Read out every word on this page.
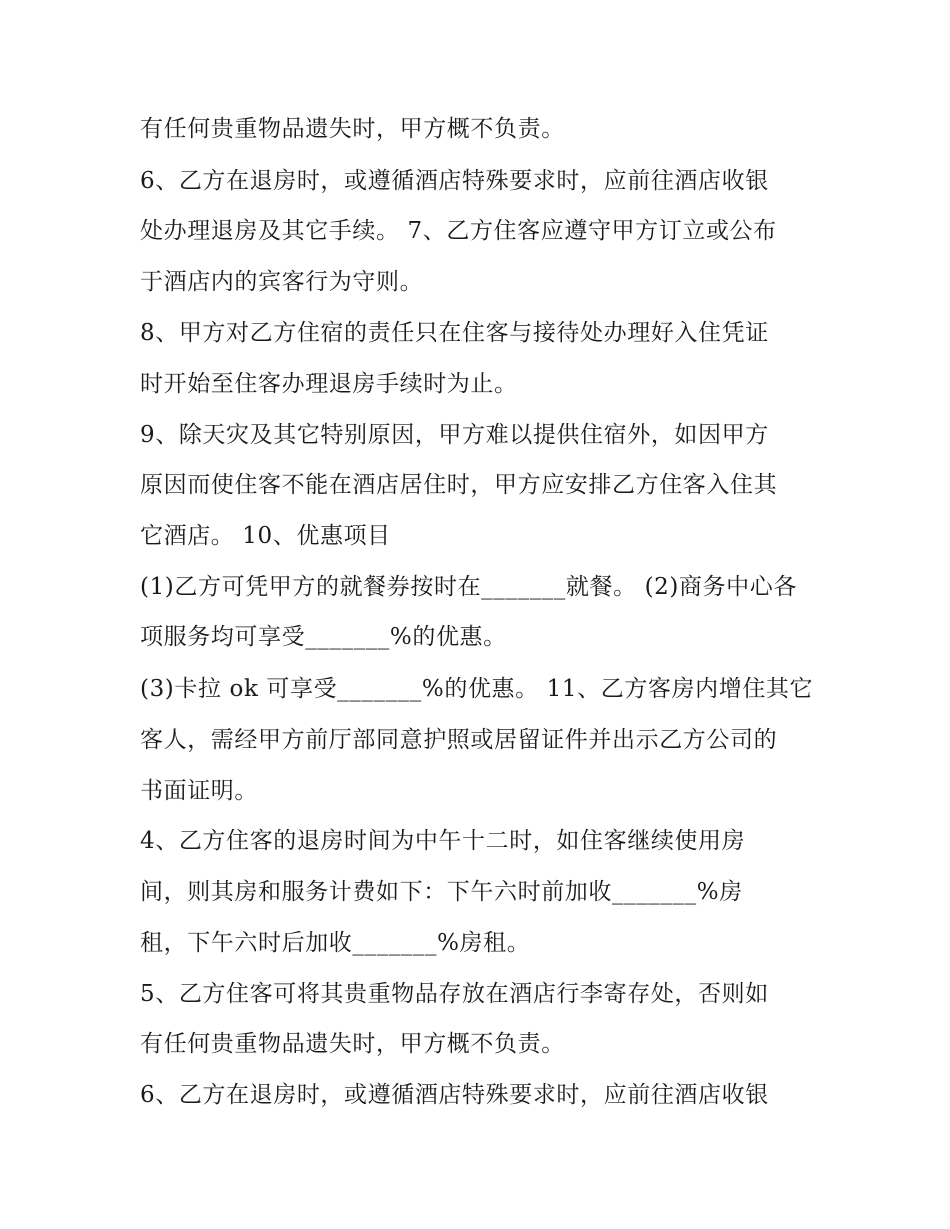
有任何贵重物品遗失时，甲方概不负责。
6、乙方在退房时，或遵循酒店特殊要求时，应前往酒店收银
处办理退房及其它手续。 7、乙方住客应遵守甲方订立或公布
于酒店内的宾客行为守则。
8、甲方对乙方住宿的责任只在住客与接待处办理好入住凭证
时开始至住客办理退房手续时为止。
9、除天灾及其它特别原因，甲方难以提供住宿外，如因甲方
原因而使住客不能在酒店居住时，甲方应安排乙方住客入住其
它酒店。 10、优惠项目
(1)乙方可凭甲方的就餐券按时在_______就餐。 (2)商务中心各
项服务均可享受_______%的优惠。
(3)卡拉 ok 可享受_______%的优惠。 11、乙方客房内增住其它
客人，需经甲方前厅部同意护照或居留证件并出示乙方公司的
书面证明。
4、乙方住客的退房时间为中午十二时，如住客继续使用房
间，则其房和服务计费如下：下午六时前加收_______%房
租，下午六时后加收_______%房租。
5、乙方住客可将其贵重物品存放在酒店行李寄存处，否则如
有任何贵重物品遗失时，甲方概不负责。
6、乙方在退房时，或遵循酒店特殊要求时，应前往酒店收银
